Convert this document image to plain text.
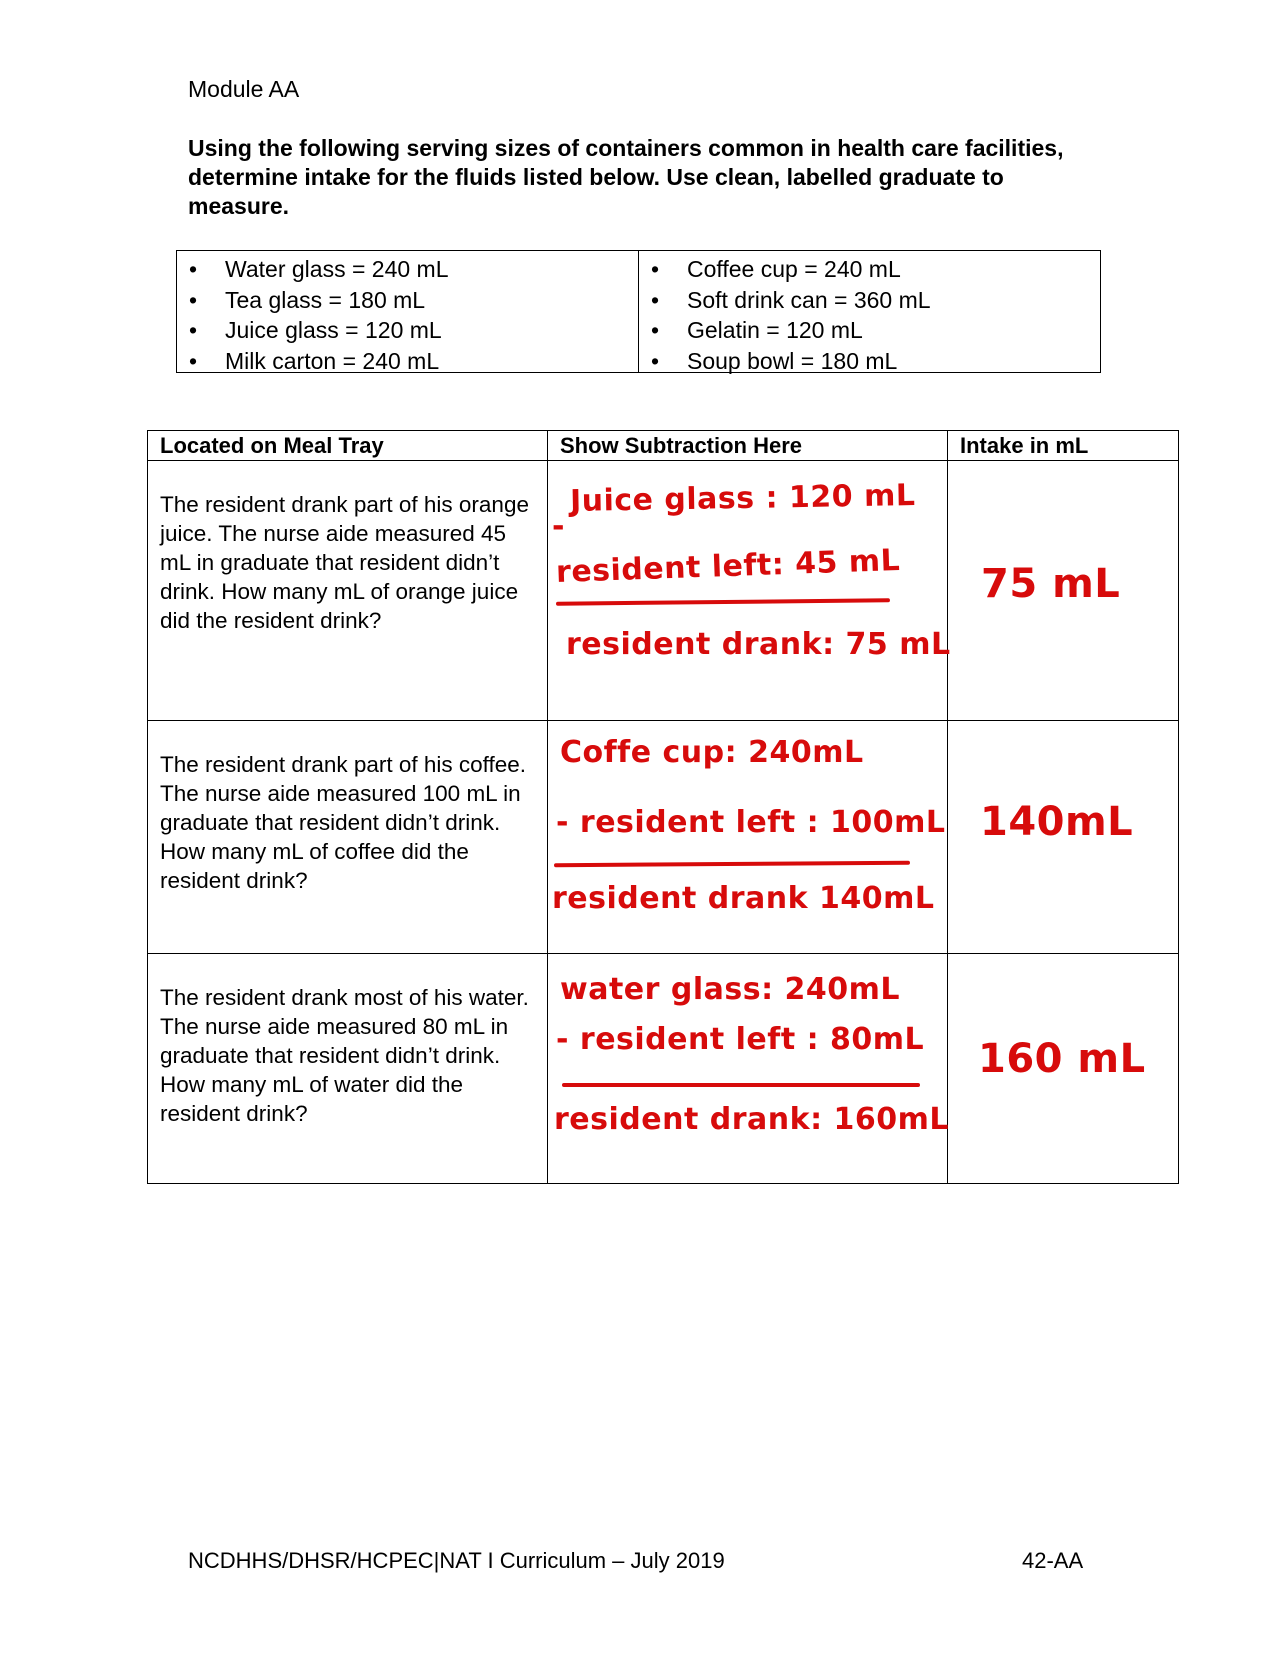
Module AA
Using the following serving sizes of containers common in health care facilities, determine intake for the fluids listed below. Use clean, labelled graduate to measure.
• Water glass = 240 mL
• Tea glass = 180 mL
• Juice glass = 120 mL
• Milk carton = 240 mL
• Coffee cup = 240 mL
• Soft drink can = 360 mL
• Gelatin = 120 mL
• Soup bowl = 180 mL
Located on Meal Tray	Show Subtraction Here	Intake in mL
The resident drank part of his orange juice. The nurse aide measured 45 mL in graduate that resident didn’t drink. How many mL of orange juice did the resident drink?	Juice glass : 120 mL
-
resident left: 45 mL
resident drank: 75 mL	75 mL

The resident drank part of his coffee. The nurse aide measured 100 mL in graduate that resident didn’t drink. How many mL of coffee did the resident drink?	Coffe cup: 240mL
- resident left : 100mL
resident drank 140mL	140mL

The resident drank most of his water. The nurse aide measured 80 mL in graduate that resident didn’t drink. How many mL of water did the resident drink?	water glass: 240mL
- resident left : 80mL
resident drank: 160mL	160 mL
NCDHHS/DHSR/HCPEC|NAT I Curriculum – July 2019	42-AA
